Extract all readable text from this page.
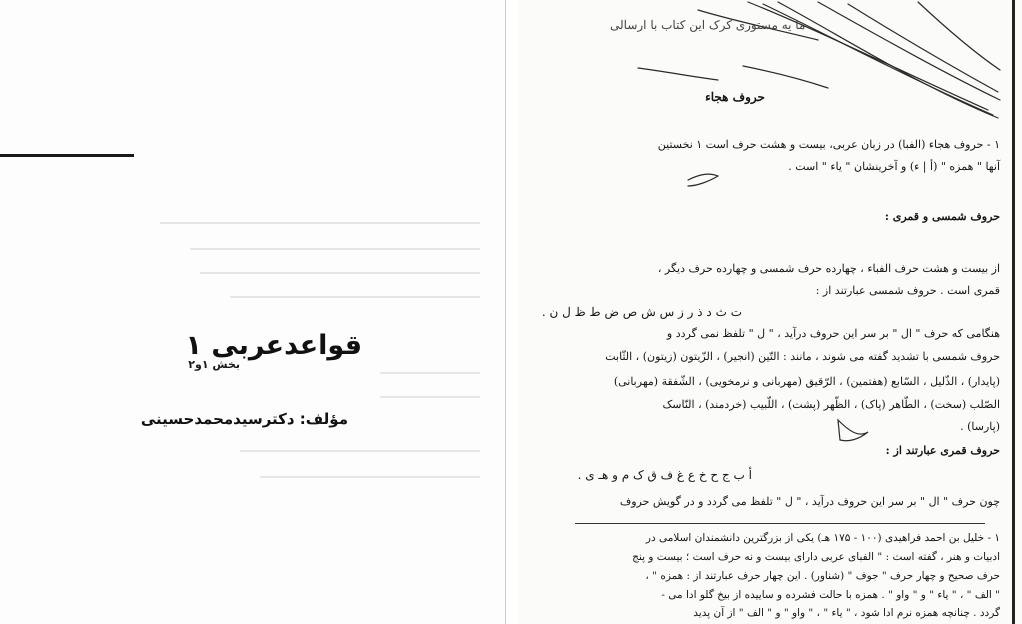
قواعدعربی ۱
بخش ۱و۲
مؤلف: دکترسیدمحمدحسینی
ما یه مستوری کرک این کتاب با ارسالی
حروف هجاء
۱ - حروف هجاء (الفبا) در زبان عربی، بیست و هشت حرف است ۱ نخستین
آنها " همزه " (أ | ء) و آخرینشان " یاء " است .
حروف شمسی و قمری :
از بیست و هشت حرف الفباء ، چهارده حرف شمسی و چهارده حرف دیگر ،
قمری است . حروف شمسی عبارتند از :
ت ث د ذ ر ز س ش ص ض ط ظ ل ن .
هنگامی که حرف " ال " بر سر این حروف درآید ، " ل " تلفظ نمی گردد و
حروف شمسی با تشدید گفته می شوند ، مانند : التّین (انجیر) ، الزّیتون (زیتون) ، الثّابت
(پایدار) ، الذّلیل ، السّابع (هفتمین) ، الرّقیق (مهربانی و نرمخویی) ، الشّفقة (مهربانی)
الصّلب (سخت) ، الطّاهر (پاک) ، الظّهر (پشت) ، اللّبیب (خردمند) ، النّاسک
(پارسا) .
حروف قمری عبارتند از :
أ ب ج ح خ ع غ ف ق ک م و هـ ی .
چون حرف " ال " بر سر این حروف درآید ، " ل " تلفظ می گردد و در گویش حروف
۱ - خلیل بن احمد فراهیدی (۱۰۰ - ۱۷۵ هـ) یکی از بزرگترین دانشمندان اسلامی در
ادبیات و هنر ، گفته است : " الفبای عربی دارای بیست و نه حرف است ؛ بیست و پنج
حرف صحیح و چهار حرف " جوف " (شناور) . این چهار حرف عبارتند از : همزه " ،
" الف " ، " یاء " و " واو " . همزه با حالت فشرده و ساییده از بیخ گلو ادا می -
گردد . چنانچه همزه نرم ادا شود ، " یاء " ، " واو " و " الف " از آن پدید
